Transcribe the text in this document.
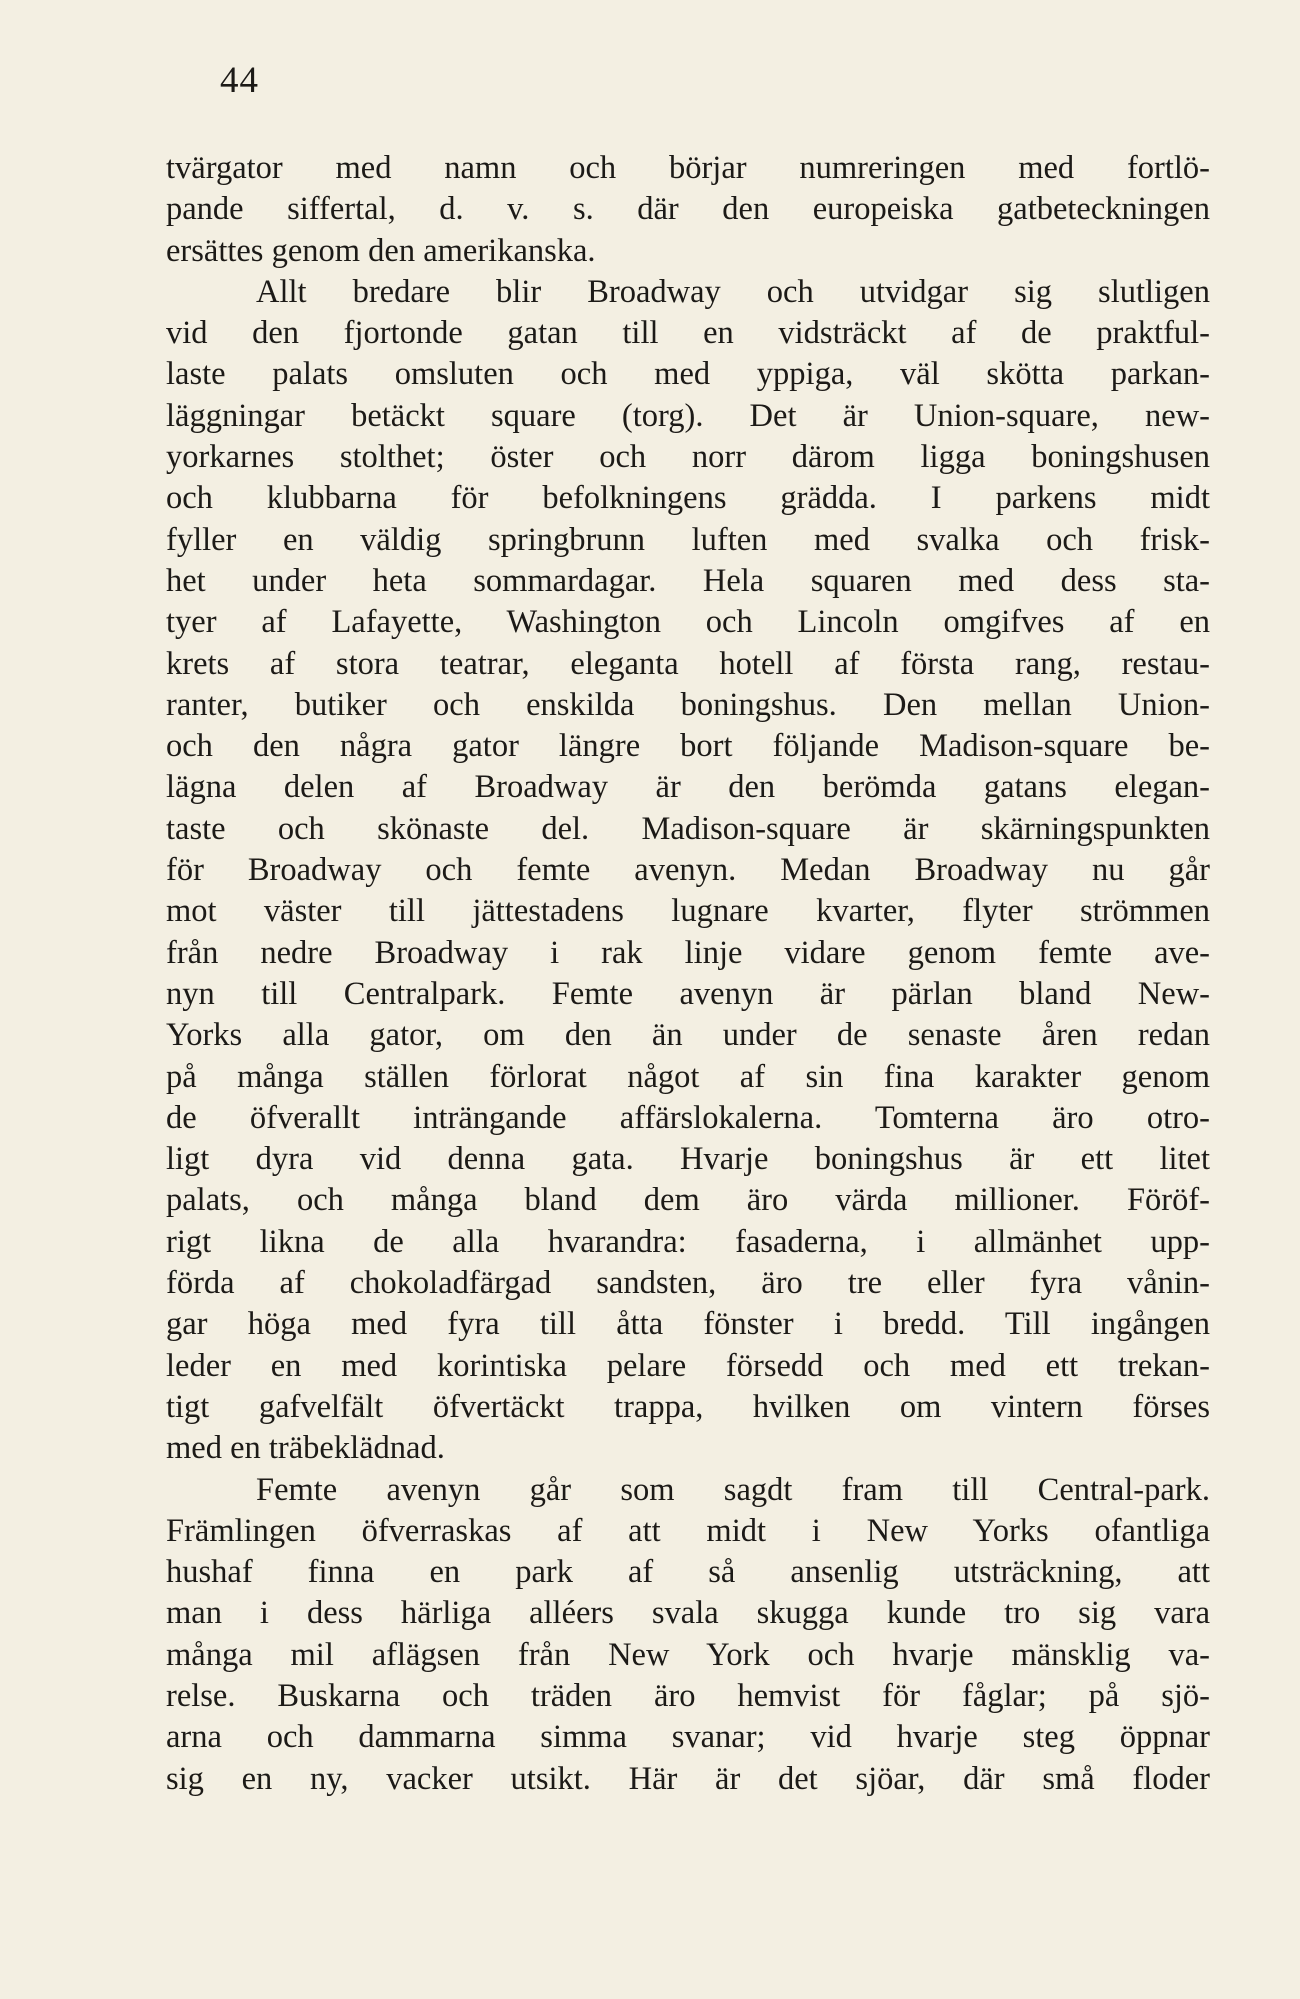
44
tvärgator med namn och börjar numreringen med fortlö-
pande siffertal, d. v. s. där den europeiska gatbeteckningen
ersättes genom den amerikanska.
Allt bredare blir Broadway och utvidgar sig slutligen
vid den fjortonde gatan till en vidsträckt af de praktful-
laste palats omsluten och med yppiga, väl skötta parkan-
läggningar betäckt square (torg). Det är Union-square, new-
yorkarnes stolthet; öster och norr därom ligga boningshusen
och klubbarna för befolkningens grädda. I parkens midt
fyller en väldig springbrunn luften med svalka och frisk-
het under heta sommardagar. Hela squaren med dess sta-
tyer af Lafayette, Washington och Lincoln omgifves af en
krets af stora teatrar, eleganta hotell af första rang, restau-
ranter, butiker och enskilda boningshus. Den mellan Union-
och den några gator längre bort följande Madison-square be-
lägna delen af Broadway är den berömda gatans elegan-
taste och skönaste del. Madison-square är skärningspunkten
för Broadway och femte avenyn. Medan Broadway nu går
mot väster till jättestadens lugnare kvarter, flyter strömmen
från nedre Broadway i rak linje vidare genom femte ave-
nyn till Centralpark. Femte avenyn är pärlan bland New-
Yorks alla gator, om den än under de senaste åren redan
på många ställen förlorat något af sin fina karakter genom
de öfverallt inträngande affärslokalerna. Tomterna äro otro-
ligt dyra vid denna gata. Hvarje boningshus är ett litet
palats, och många bland dem äro värda millioner. Föröf-
rigt likna de alla hvarandra: fasaderna, i allmänhet upp-
förda af chokoladfärgad sandsten, äro tre eller fyra vånin-
gar höga med fyra till åtta fönster i bredd. Till ingången
leder en med korintiska pelare försedd och med ett trekan-
tigt gafvelfält öfvertäckt trappa, hvilken om vintern förses
med en träbeklädnad.
Femte avenyn går som sagdt fram till Central-park.
Främlingen öfverraskas af att midt i New Yorks ofantliga
hushaf finna en park af så ansenlig utsträckning, att
man i dess härliga alléers svala skugga kunde tro sig vara
många mil aflägsen från New York och hvarje mänsklig va-
relse. Buskarna och träden äro hemvist för fåglar; på sjö-
arna och dammarna simma svanar; vid hvarje steg öppnar
sig en ny, vacker utsikt. Här är det sjöar, där små floder
